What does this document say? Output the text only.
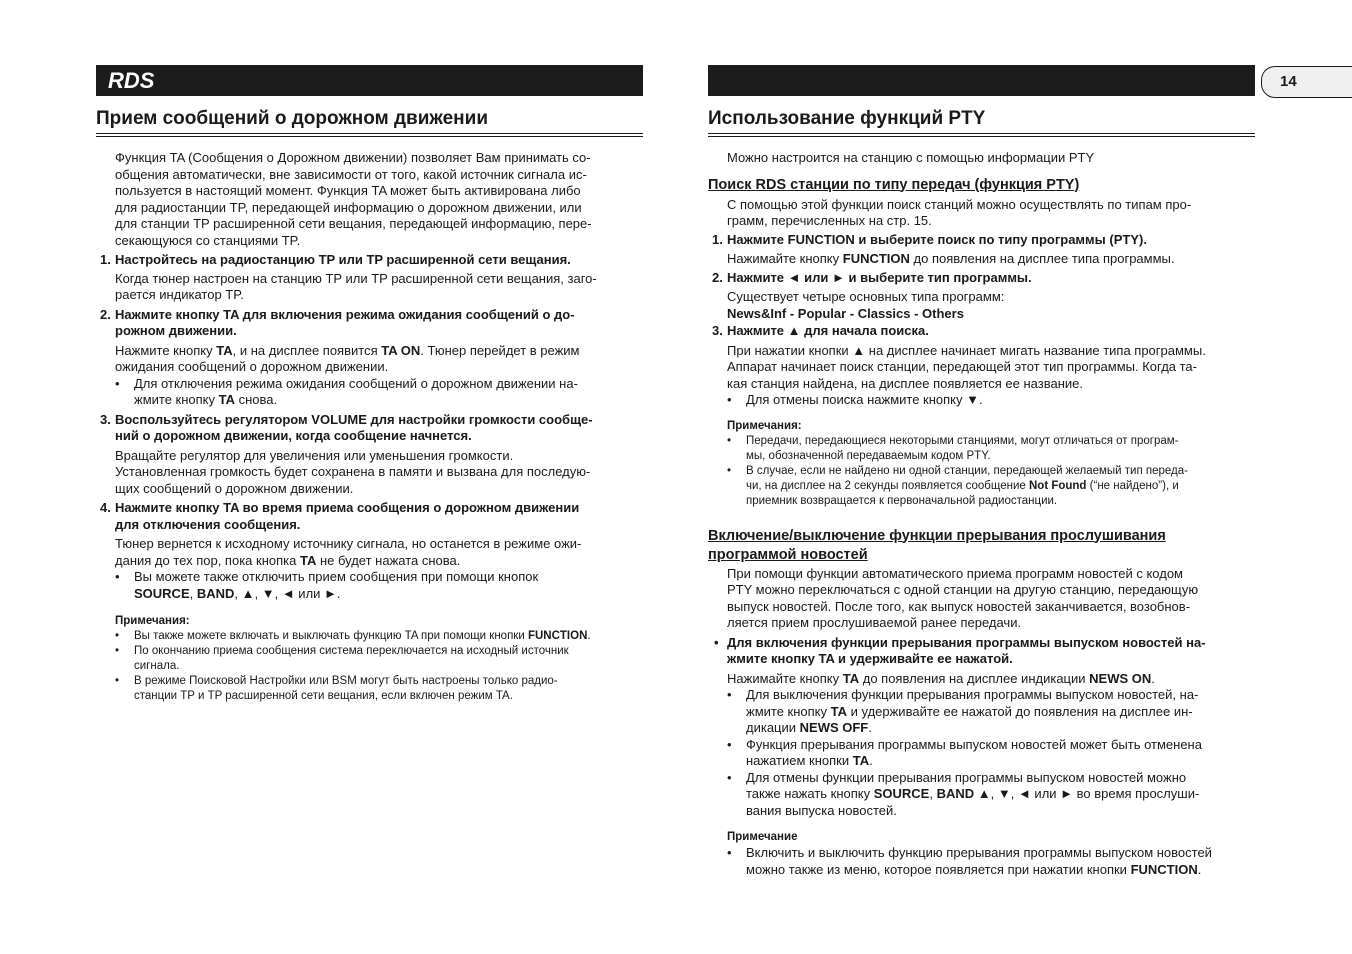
RDS
Прием сообщений о дорожном движении
Функция TA (Сообщения о Дорожном движении) позволяет Вам принимать со-
общения автоматически, вне зависимости от того, какой источник сигнала ис-
пользуется в настоящий момент. Функция TA может быть активирована либо
для радиостанции TP, передающей информацию о дорожном движении, или
для станции TP расширенной сети вещания, передающей информацию, пере-
секающуюся со станциями TP.
1. Настройтесь на радиостанцию TP или TP расширенной сети вещания.
Когда тюнер настроен на станцию TP или TP расширенной сети вещания, заго-
рается индикатор TP.
2. Нажмите кнопку TA для включения режима ожидания сообщений о до-
рожном движении.
Нажмите кнопку TA, и на дисплее появится TA ON. Тюнер перейдет в режим
ожидания сообщений о дорожном движении.
• Для отключения режима ожидания сообщений о дорожном движении на-
жмите кнопку TA снова.
3. Воспользуйтесь регулятором VOLUME для настройки громкости сообще-
ний о дорожном движении, когда сообщение начнется.
Вращайте регулятор для увеличения или уменьшения громкости.
Установленная громкость будет сохранена в памяти и вызвана для последую-
щих сообщений о дорожном движении.
4. Нажмите кнопку TA во время приема сообщения о дорожном движении
для отключения сообщения.
Тюнер вернется к исходному источнику сигнала, но останется в режиме ожи-
дания до тех пор, пока кнопка TA не будет нажата снова.
• Вы можете также отключить прием сообщения при помощи кнопок
SOURCE, BAND, ▲, ▼, ◄ или ►.
Примечания:
• Вы также можете включать и выключать функцию TA при помощи кнопки FUNCTION.
• По окончанию приема сообщения система переключается на исходный источник
сигнала.
• В режиме Поисковой Настройки или BSM могут быть настроены только радио-
станции TP и TP расширенной сети вещания, если включен режим TA.
14
Использование функций PTY
Можно настроится на станцию с помощью информации PTY
Поиск RDS станции по типу передач (функция PTY)
С помощью этой функции поиск станций можно осуществлять по типам про-
грамм, перечисленных на стр. 15.
1. Нажмите FUNCTION и выберите поиск по типу программы (PTY).
Нажимайте кнопку FUNCTION до появления на дисплее типа программы.
2. Нажмите ◄ или ► и выберите тип программы.
Существует четыре основных типа программ:
News&Inf - Popular - Classics - Others
3. Нажмите ▲ для начала поиска.
При нажатии кнопки ▲ на дисплее начинает мигать название типа программы.
Аппарат начинает поиск станции, передающей этот тип программы. Когда та-
кая станция найдена, на дисплее появляется ее название.
• Для отмены поиска нажмите кнопку ▼.
Примечания:
• Передачи, передающиеся некоторыми станциями, могут отличаться от програм-
мы, обозначенной передаваемым кодом PTY.
• В случае, если не найдено ни одной станции, передающей желаемый тип переда-
чи, на дисплее на 2 секунды появляется сообщение Not Found (“не найдено”), и
приемник возвращается к первоначальной радиостанции.
Включение/выключение функции прерывания прослушивания
программой новостей
При помощи функции автоматического приема программ новостей с кодом
PTY можно переключаться с одной станции на другую станцию, передающую
выпуск новостей. После того, как выпуск новостей заканчивается, возобнов-
ляется прием прослушиваемой ранее передачи.
• Для включения функции прерывания программы выпуском новостей на-
жмите кнопку TA и удерживайте ее нажатой.
Нажимайте кнопку TA до появления на дисплее индикации NEWS ON.
• Для выключения функции прерывания программы выпуском новостей, на-
жмите кнопку TA и удерживайте ее нажатой до появления на дисплее ин-
дикации NEWS OFF.
• Функция прерывания программы выпуском новостей может быть отменена
нажатием кнопки TA.
• Для отмены функции прерывания программы выпуском новостей можно
также нажать кнопку SOURCE, BAND ▲, ▼, ◄ или ► во время прослуши-
вания выпуска новостей.
Примечание
• Включить и выключить функцию прерывания программы выпуском новостей
можно также из меню, которое появляется при нажатии кнопки FUNCTION.
